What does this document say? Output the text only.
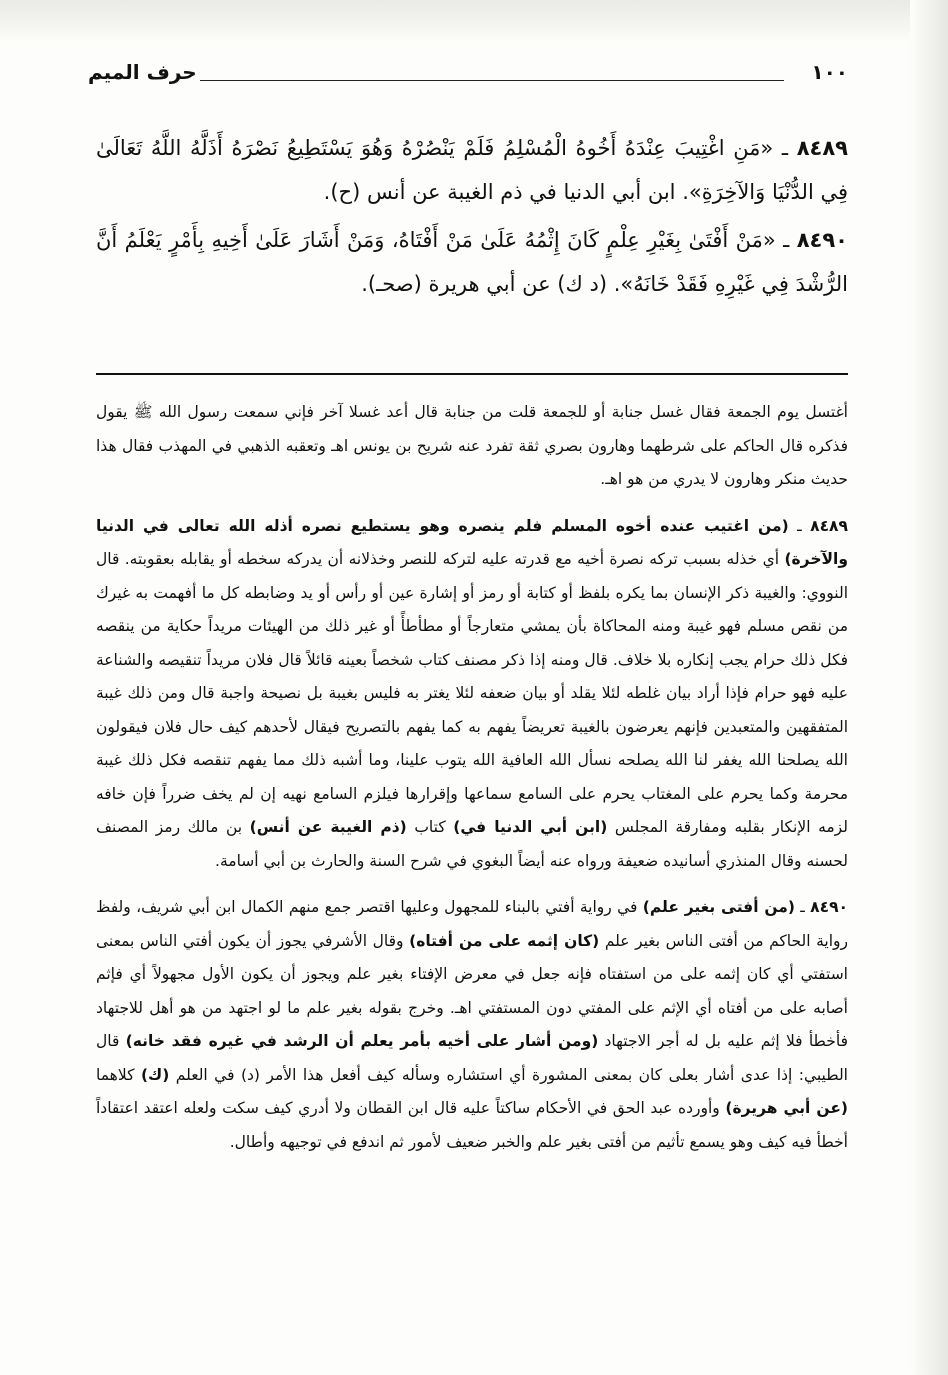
١٠٠
حرف الميم

٨٤٨٩ ـ «مَنِ اغْتِيبَ عِنْدَهُ أَخُوهُ الْمُسْلِمُ فَلَمْ يَنْصُرْهُ وَهُوَ يَسْتَطِيعُ نَصْرَهُ أَذَلَّهُ اللَّهُ تَعَالَىٰ فِي الدُّنْيَا وَالآخِرَةِ». ابن أبي الدنيا في ذم الغيبة عن أنس (ح).

٨٤٩٠ ـ «مَنْ أَفْتَىٰ بِغَيْرِ عِلْمٍ كَانَ إِثْمُهُ عَلَىٰ مَنْ أَفْتَاهُ، وَمَنْ أَشَارَ عَلَىٰ أَخِيهِ بِأَمْرٍ يَعْلَمُ أَنَّ الرُّشْدَ فِي غَيْرِهِ فَقَدْ خَانَهُ». (د ك) عن أبي هريرة (صحـ).

أغتسل يوم الجمعة فقال غسل جنابة أو للجمعة قلت من جنابة قال أعد غسلا آخر فإني سمعت رسول الله ﷺ يقول فذكره قال الحاكم على شرطهما وهارون بصري ثقة تفرد عنه شريح بن يونس اهـ وتعقبه الذهبي في المهذب فقال هذا حديث منكر وهارون لا يدري من هو اهـ.

٨٤٨٩ ـ (من اغتيب عنده أخوه المسلم فلم ينصره وهو يستطيع نصره أذله الله تعالى في الدنيا والآخرة) أي خذله بسبب تركه نصرة أخيه مع قدرته عليه لتركه للنصر وخذلانه أن يدركه سخطه أو يقابله بعقوبته. قال النووي: والغيبة ذكر الإنسان بما يكره بلفظ أو كتابة أو رمز أو إشارة عين أو رأس أو يد وضابطه كل ما أفهمت به غيرك من نقص مسلم فهو غيبة ومنه المحاكاة بأن يمشي متعارجاً أو مطأطأً أو غير ذلك من الهيئات مريداً حكاية من ينقصه فكل ذلك حرام يجب إنكاره بلا خلاف. قال ومنه إذا ذكر مصنف كتاب شخصاً بعينه قائلاً قال فلان مريداً تنقيصه والشناعة عليه فهو حرام فإذا أراد بيان غلطه لئلا يقلد أو بيان ضعفه لئلا يغتر به فليس بغيبة بل نصيحة واجبة قال ومن ذلك غيبة المتفقهين والمتعبدين فإنهم يعرضون بالغيبة تعريضاً يفهم به كما يفهم بالتصريح فيقال لأحدهم كيف حال فلان فيقولون الله يصلحنا الله يغفر لنا الله يصلحه نسأل الله العافية الله يتوب علينا، وما أشبه ذلك مما يفهم تنقصه فكل ذلك غيبة محرمة وكما يحرم على المغتاب يحرم على السامع سماعها وإقرارها فيلزم السامع نهيه إن لم يخف ضرراً فإن خافه لزمه الإنكار بقلبه ومفارقة المجلس (ابن أبي الدنيا في) كتاب (ذم الغيبة عن أنس) بن مالك رمز المصنف لحسنه وقال المنذري أسانيده ضعيفة ورواه عنه أيضاً البغوي في شرح السنة والحارث بن أبي أسامة.

٨٤٩٠ ـ (من أفتى بغير علم) في رواية أفتي بالبناء للمجهول وعليها اقتصر جمع منهم الكمال ابن أبي شريف، ولفظ رواية الحاكم من أفتى الناس بغير علم (كان إثمه على من أفتاه) وقال الأشرفي يجوز أن يكون أفتي الناس بمعنى استفتي أي كان إثمه على من استفتاه فإنه جعل في معرض الإفتاء بغير علم ويجوز أن يكون الأول مجهولاً أي فإثم أصابه على من أفتاه أي الإثم على المفتي دون المستفتي اهـ. وخرج بقوله بغير علم ما لو اجتهد من هو أهل للاجتهاد فأخطأ فلا إثم عليه بل له أجر الاجتهاد (ومن أشار على أخيه بأمر يعلم أن الرشد في غيره فقد خانه) قال الطيبي: إذا عدى أشار بعلى كان بمعنى المشورة أي استشاره وسأله كيف أفعل هذا الأمر (د) في العلم (ك) كلاهما (عن أبي هريرة) وأورده عبد الحق في الأحكام ساكتاً عليه قال ابن القطان ولا أدري كيف سكت ولعله اعتقد اعتقاداً أخطأ فيه كيف وهو يسمع تأثيم من أفتى بغير علم والخبر ضعيف لأمور ثم اندفع في توجيهه وأطال.
